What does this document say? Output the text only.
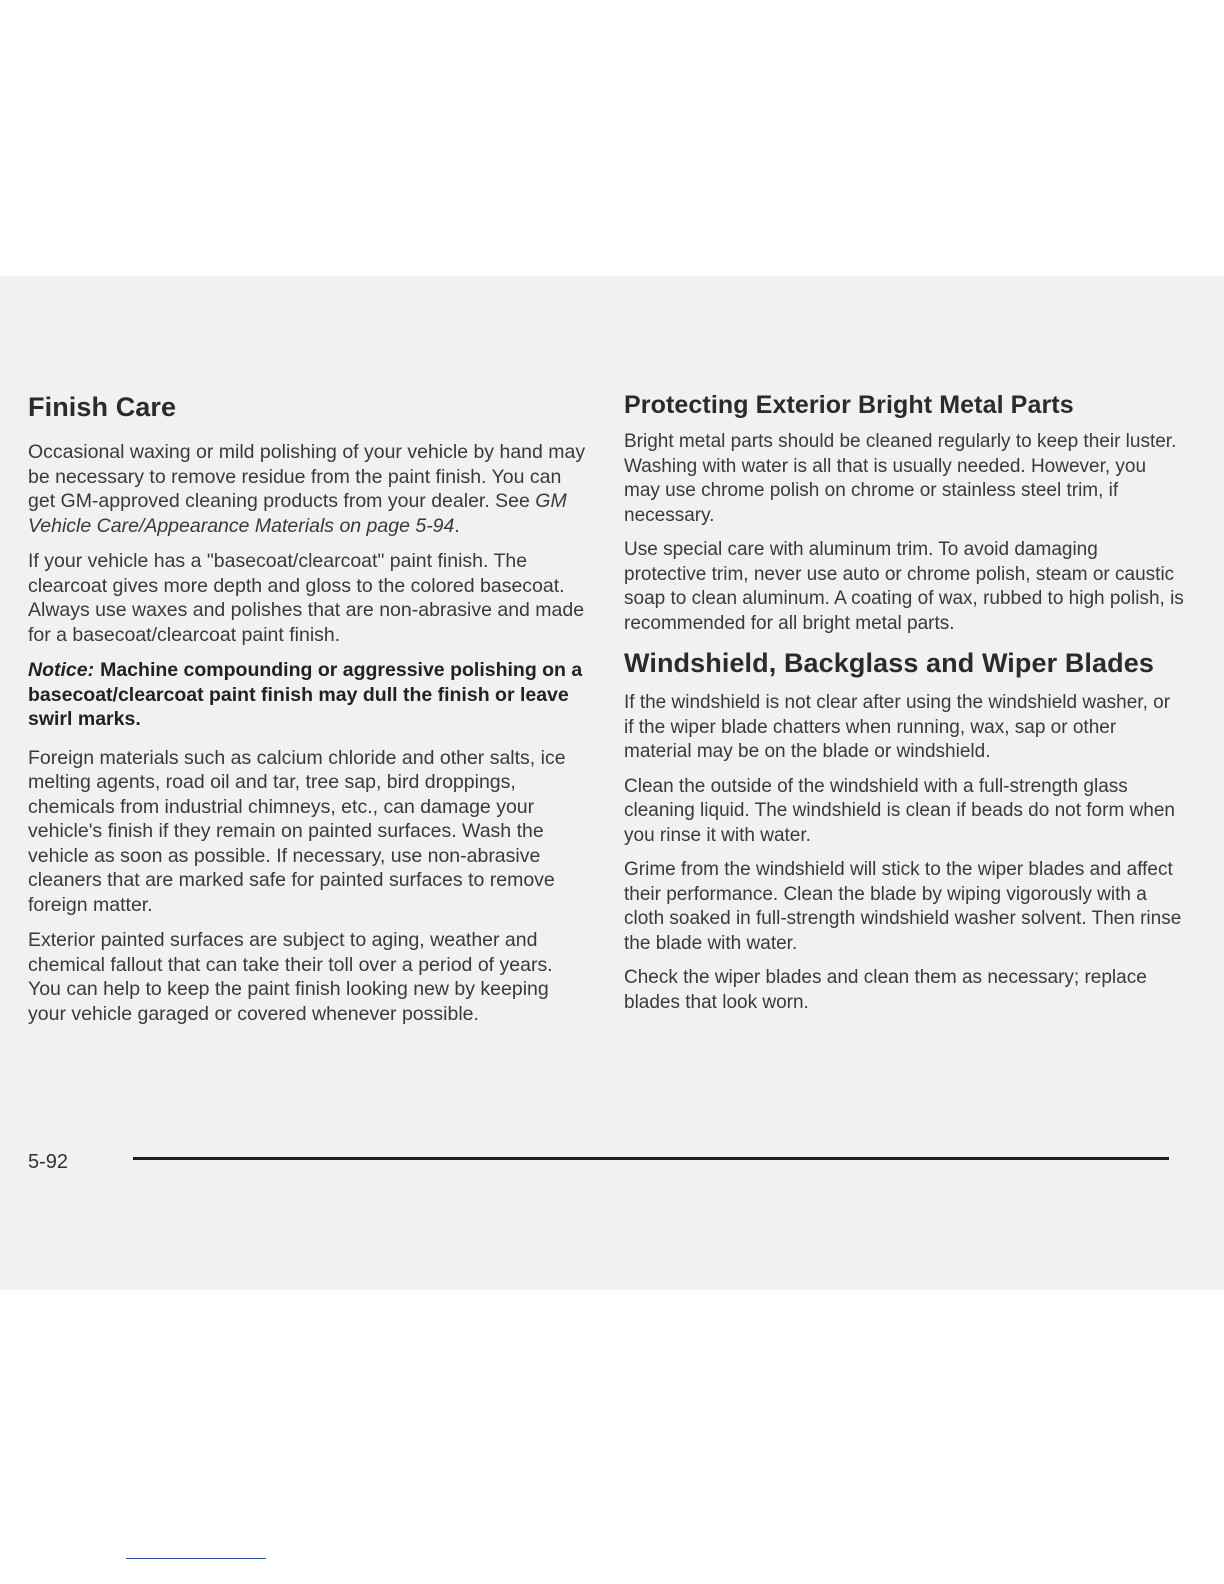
Finish Care

Occasional waxing or mild polishing of your vehicle by hand may be necessary to remove residue from the paint finish. You can get GM-approved cleaning products from your dealer. See GM Vehicle Care/Appearance Materials on page 5-94.

If your vehicle has a "basecoat/clearcoat" paint finish. The clearcoat gives more depth and gloss to the colored basecoat. Always use waxes and polishes that are non-abrasive and made for a basecoat/clearcoat paint finish.

Notice: Machine compounding or aggressive polishing on a basecoat/clearcoat paint finish may dull the finish or leave swirl marks.

Foreign materials such as calcium chloride and other salts, ice melting agents, road oil and tar, tree sap, bird droppings, chemicals from industrial chimneys, etc., can damage your vehicle's finish if they remain on painted surfaces. Wash the vehicle as soon as possible. If necessary, use non-abrasive cleaners that are marked safe for painted surfaces to remove foreign matter.

Exterior painted surfaces are subject to aging, weather and chemical fallout that can take their toll over a period of years. You can help to keep the paint finish looking new by keeping your vehicle garaged or covered whenever possible.

Protecting Exterior Bright Metal Parts

Bright metal parts should be cleaned regularly to keep their luster. Washing with water is all that is usually needed. However, you may use chrome polish on chrome or stainless steel trim, if necessary.

Use special care with aluminum trim. To avoid damaging protective trim, never use auto or chrome polish, steam or caustic soap to clean aluminum. A coating of wax, rubbed to high polish, is recommended for all bright metal parts.

Windshield, Backglass and Wiper Blades

If the windshield is not clear after using the windshield washer, or if the wiper blade chatters when running, wax, sap or other material may be on the blade or windshield.

Clean the outside of the windshield with a full-strength glass cleaning liquid. The windshield is clean if beads do not form when you rinse it with water.

Grime from the windshield will stick to the wiper blades and affect their performance. Clean the blade by wiping vigorously with a cloth soaked in full-strength windshield washer solvent. Then rinse the blade with water.

Check the wiper blades and clean them as necessary; replace blades that look worn.

5-92
